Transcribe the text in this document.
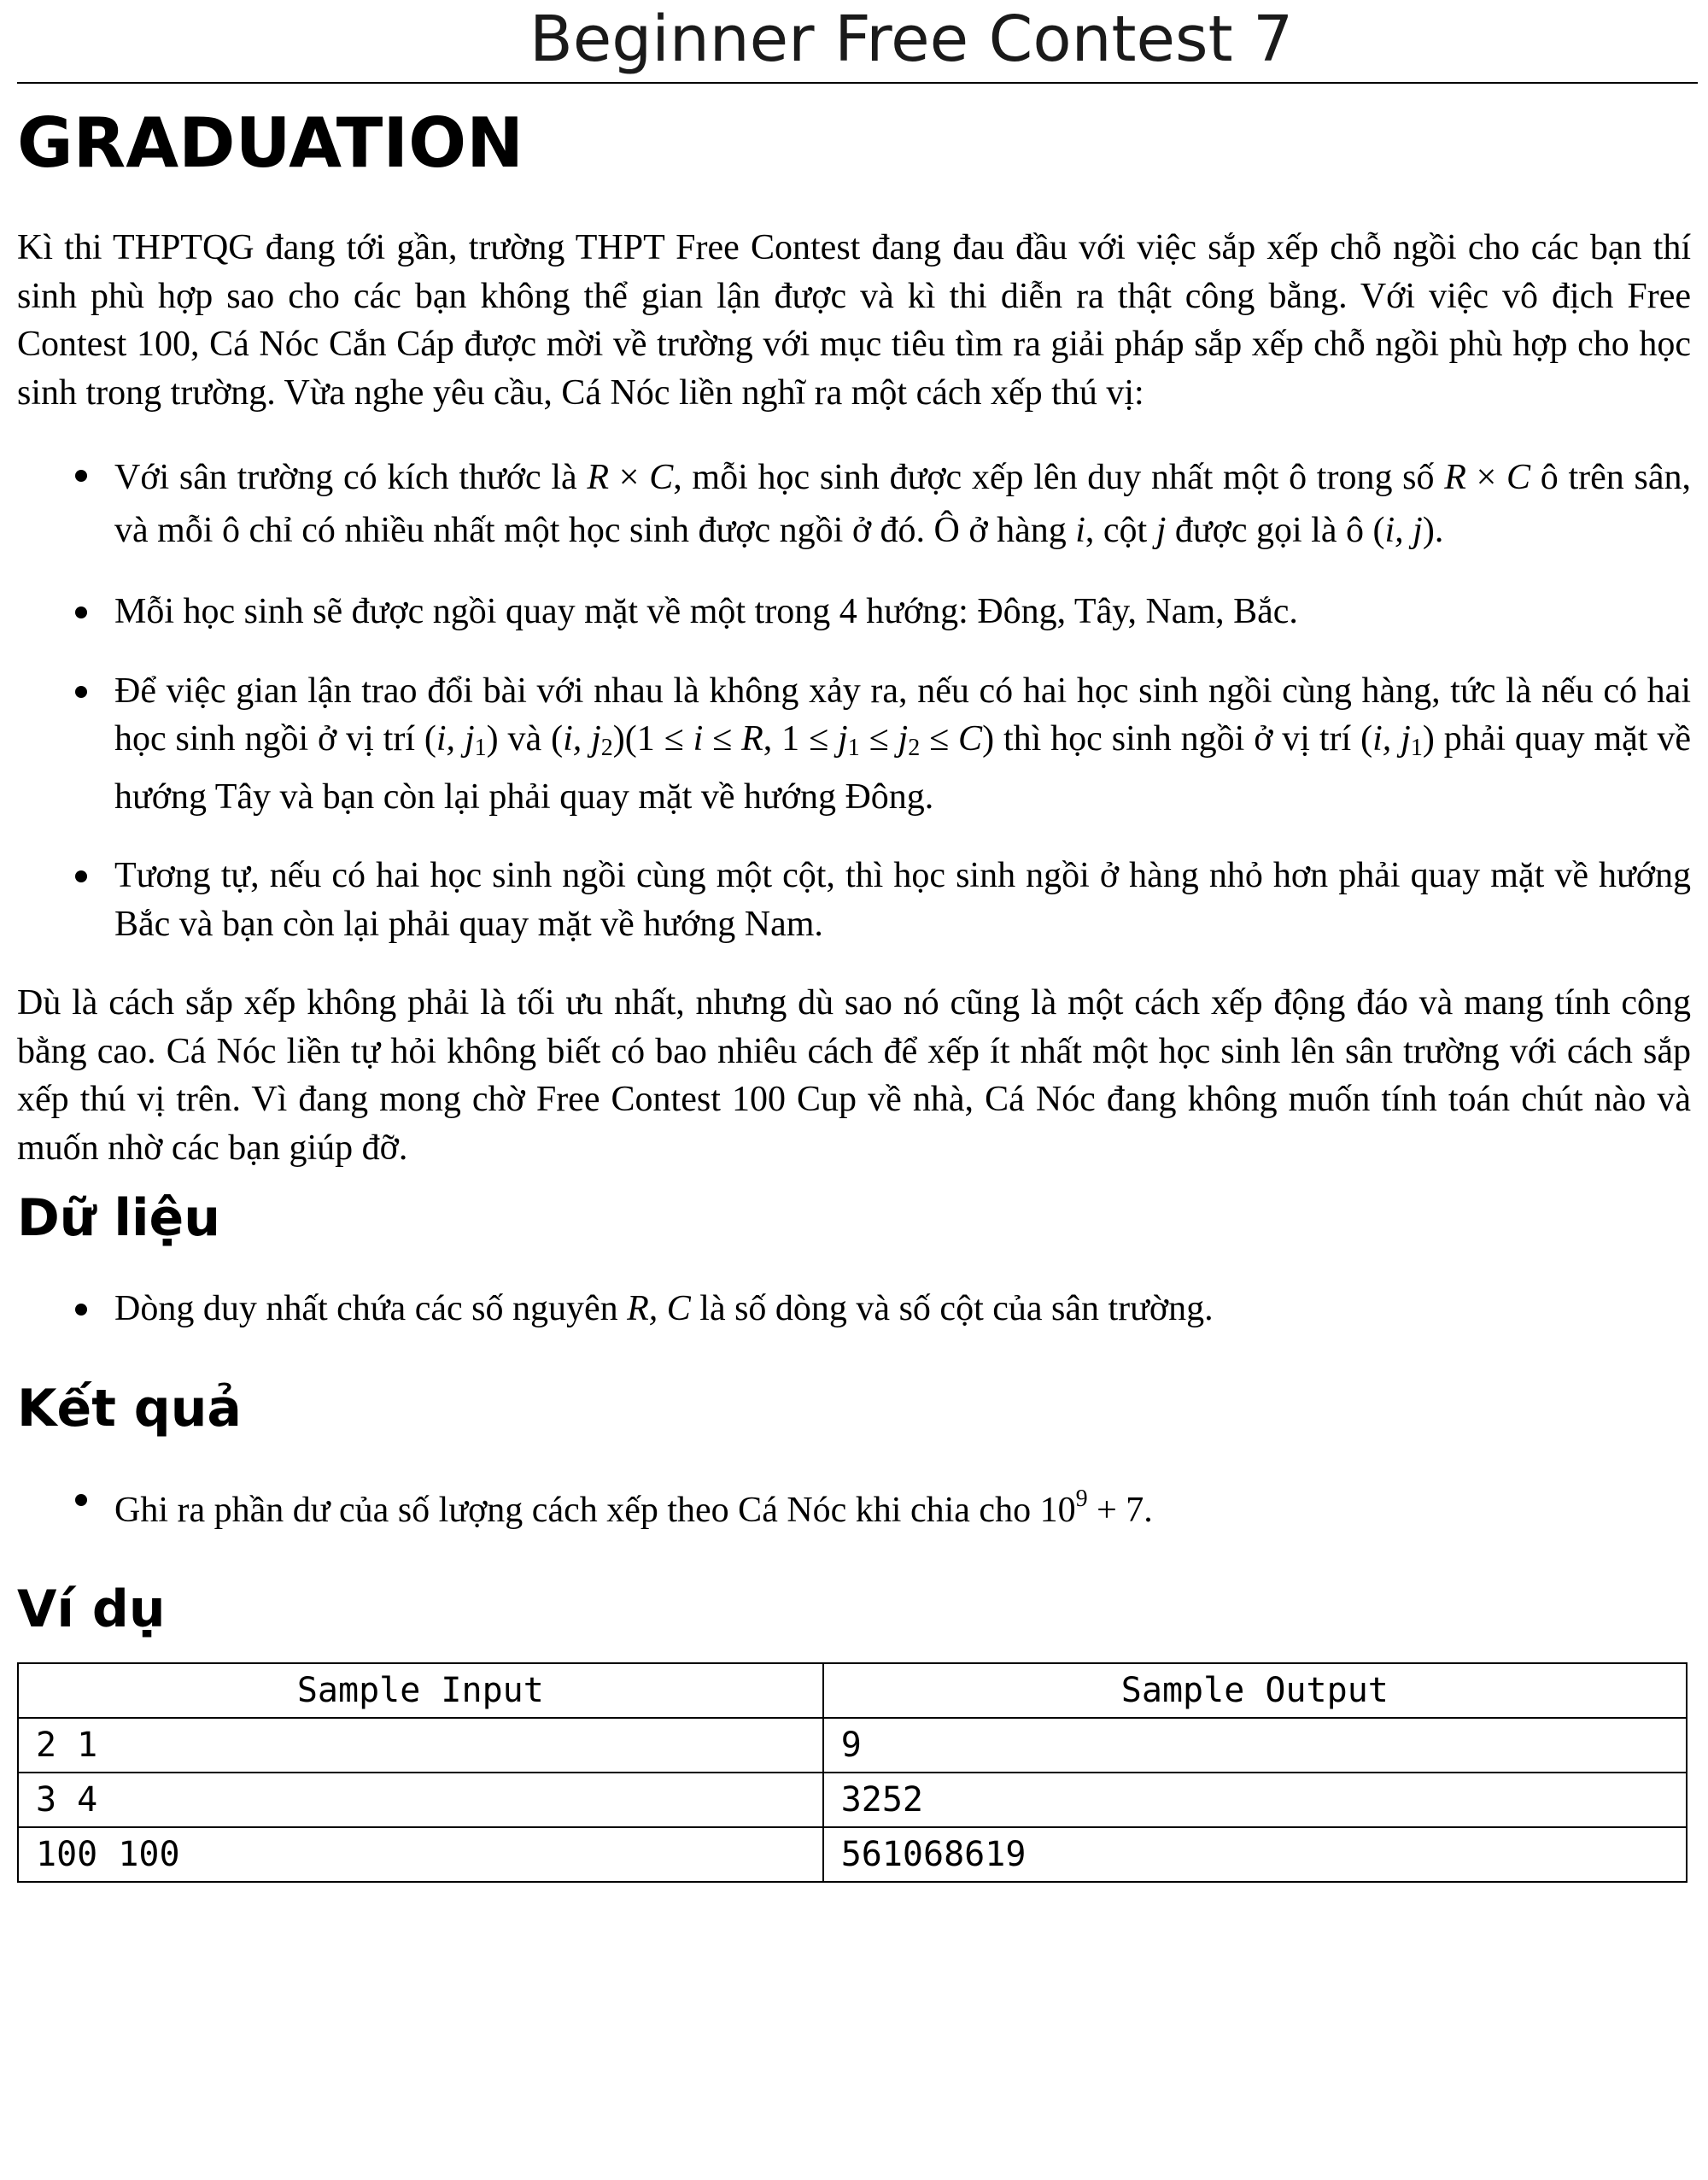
Beginner Free Contest 7
GRADUATION

Kì thi THPTQG đang tới gần, trường THPT Free Contest đang đau đầu với việc sắp xếp chỗ ngồi cho các bạn thí sinh phù hợp sao cho các bạn không thể gian lận được và kì thi diễn ra thật công bằng. Với việc vô địch Free Contest 100, Cá Nóc Cắn Cáp được mời về trường với mục tiêu tìm ra giải pháp sắp xếp chỗ ngồi phù hợp cho học sinh trong trường. Vừa nghe yêu cầu, Cá Nóc liền nghĩ ra một cách xếp thú vị:

Với sân trường có kích thước là R × C, mỗi học sinh được xếp lên duy nhất một ô trong số R × C ô trên sân, và mỗi ô chỉ có nhiều nhất một học sinh được ngồi ở đó. Ô ở hàng i, cột j được gọi là ô (i, j).
Mỗi học sinh sẽ được ngồi quay mặt về một trong 4 hướng: Đông, Tây, Nam, Bắc.
Để việc gian lận trao đổi bài với nhau là không xảy ra, nếu có hai học sinh ngồi cùng hàng, tức là nếu có hai học sinh ngồi ở vị trí (i, $j_1$) và (i, $j_2)(1 \le i \le R$, $1 \le j_1 \le j_2 \le C$) thì học sinh ngồi ở vị trí (i, $j_1$) phải quay mặt về hướng Tây và bạn còn lại phải quay mặt về hướng Đông.
Tương tự, nếu có hai học sinh ngồi cùng một cột, thì học sinh ngồi ở hàng nhỏ hơn phải quay mặt về hướng Bắc và bạn còn lại phải quay mặt về hướng Nam.

Dù là cách sắp xếp không phải là tối ưu nhất, nhưng dù sao nó cũng là một cách xếp động đáo và mang tính công bằng cao. Cá Nóc liền tự hỏi không biết có bao nhiêu cách để xếp ít nhất một học sinh lên sân trường với cách sắp xếp thú vị trên. Vì đang mong chờ Free Contest 100 Cup về nhà, Cá Nóc đang không muốn tính toán chút nào và muốn nhờ các bạn giúp đỡ.

Dữ liệu
Dòng duy nhất chứa các số nguyên R, C là số dòng và số cột của sân trường.
Kết quả
Ghi ra phần dư của số lượng cách xếp theo Cá Nóc khi chia cho $10^9 + 7$.
Ví dụ
Sample Input	Sample Output
2 1	9
3 4	3252
100 100	561068619
